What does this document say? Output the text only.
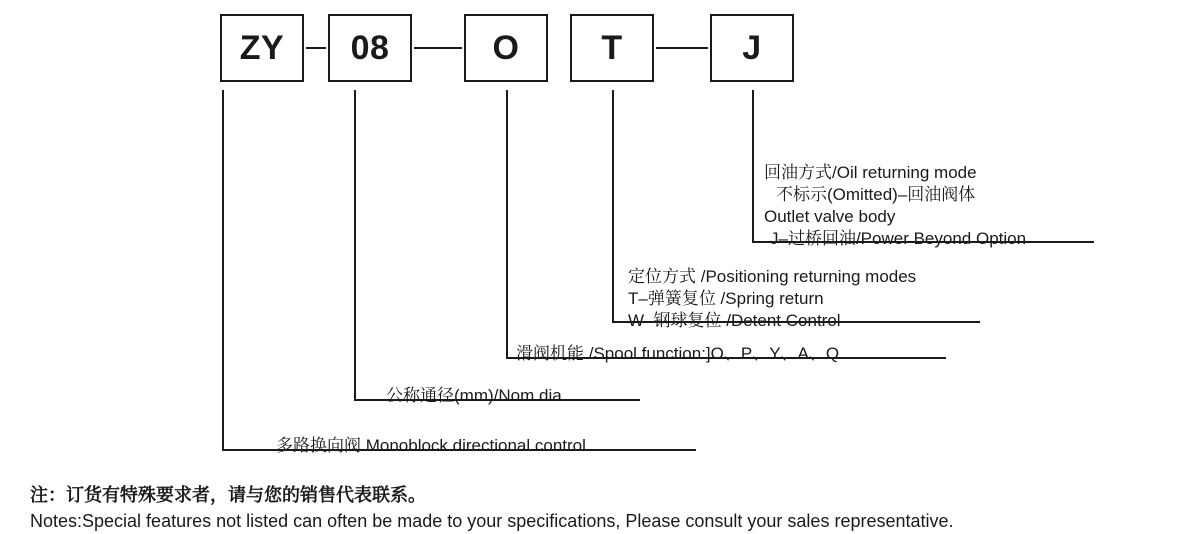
ZY	08	O	T	J
回油方式/Oil returning mode
不标示(Omitted)–回油阀体
Outlet valve body
J–过桥回油/Power Beyond Option
定位方式 /Positioning returning modes
T–弹簧复位 /Spring return
W–钢球复位 /Detent Control
滑阀机能 /Spool function:]O、P、Y、A、Q
公称通径(mm)/Nom.dia.
多路换向阀 Monoblock directional control
注：订货有特殊要求者，请与您的销售代表联系。
Notes:Special features not listed can often be made to your specifications, Please consult your sales representative.
